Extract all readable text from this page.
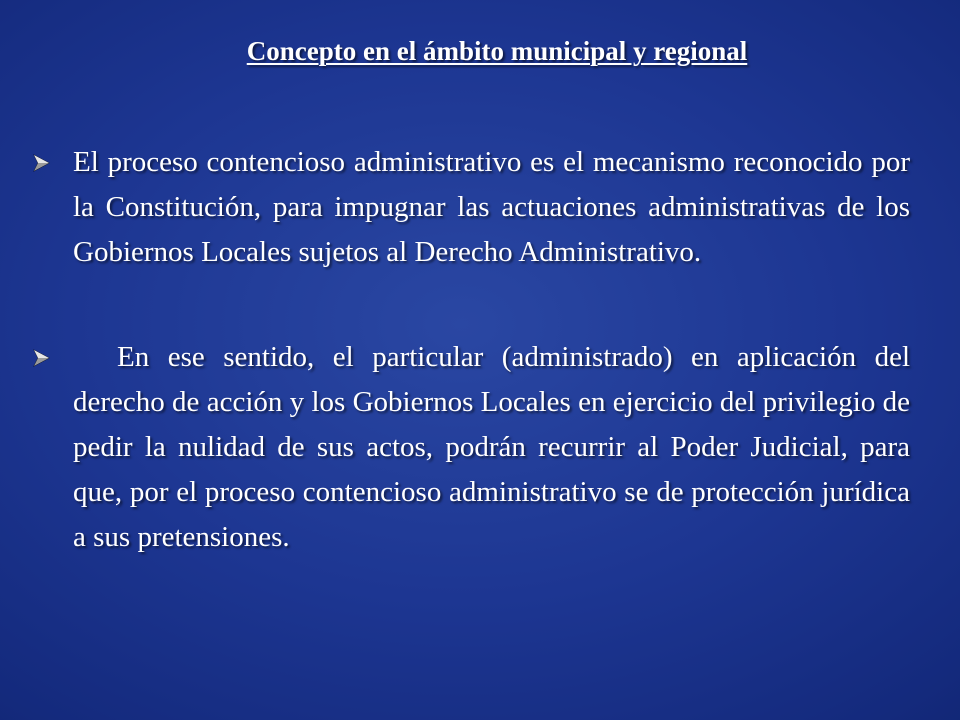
Concepto en el ámbito municipal y regional
El proceso contencioso administrativo es el mecanismo reconocido por la Constitución, para impugnar las actuaciones administrativas de los Gobiernos Locales sujetos al Derecho Administrativo.
En ese sentido, el particular (administrado) en aplicación del derecho de acción y los Gobiernos Locales en ejercicio del privilegio de pedir la nulidad de sus actos, podrán recurrir al Poder Judicial, para que, por el proceso contencioso administrativo se de protección jurídica a sus pretensiones.
